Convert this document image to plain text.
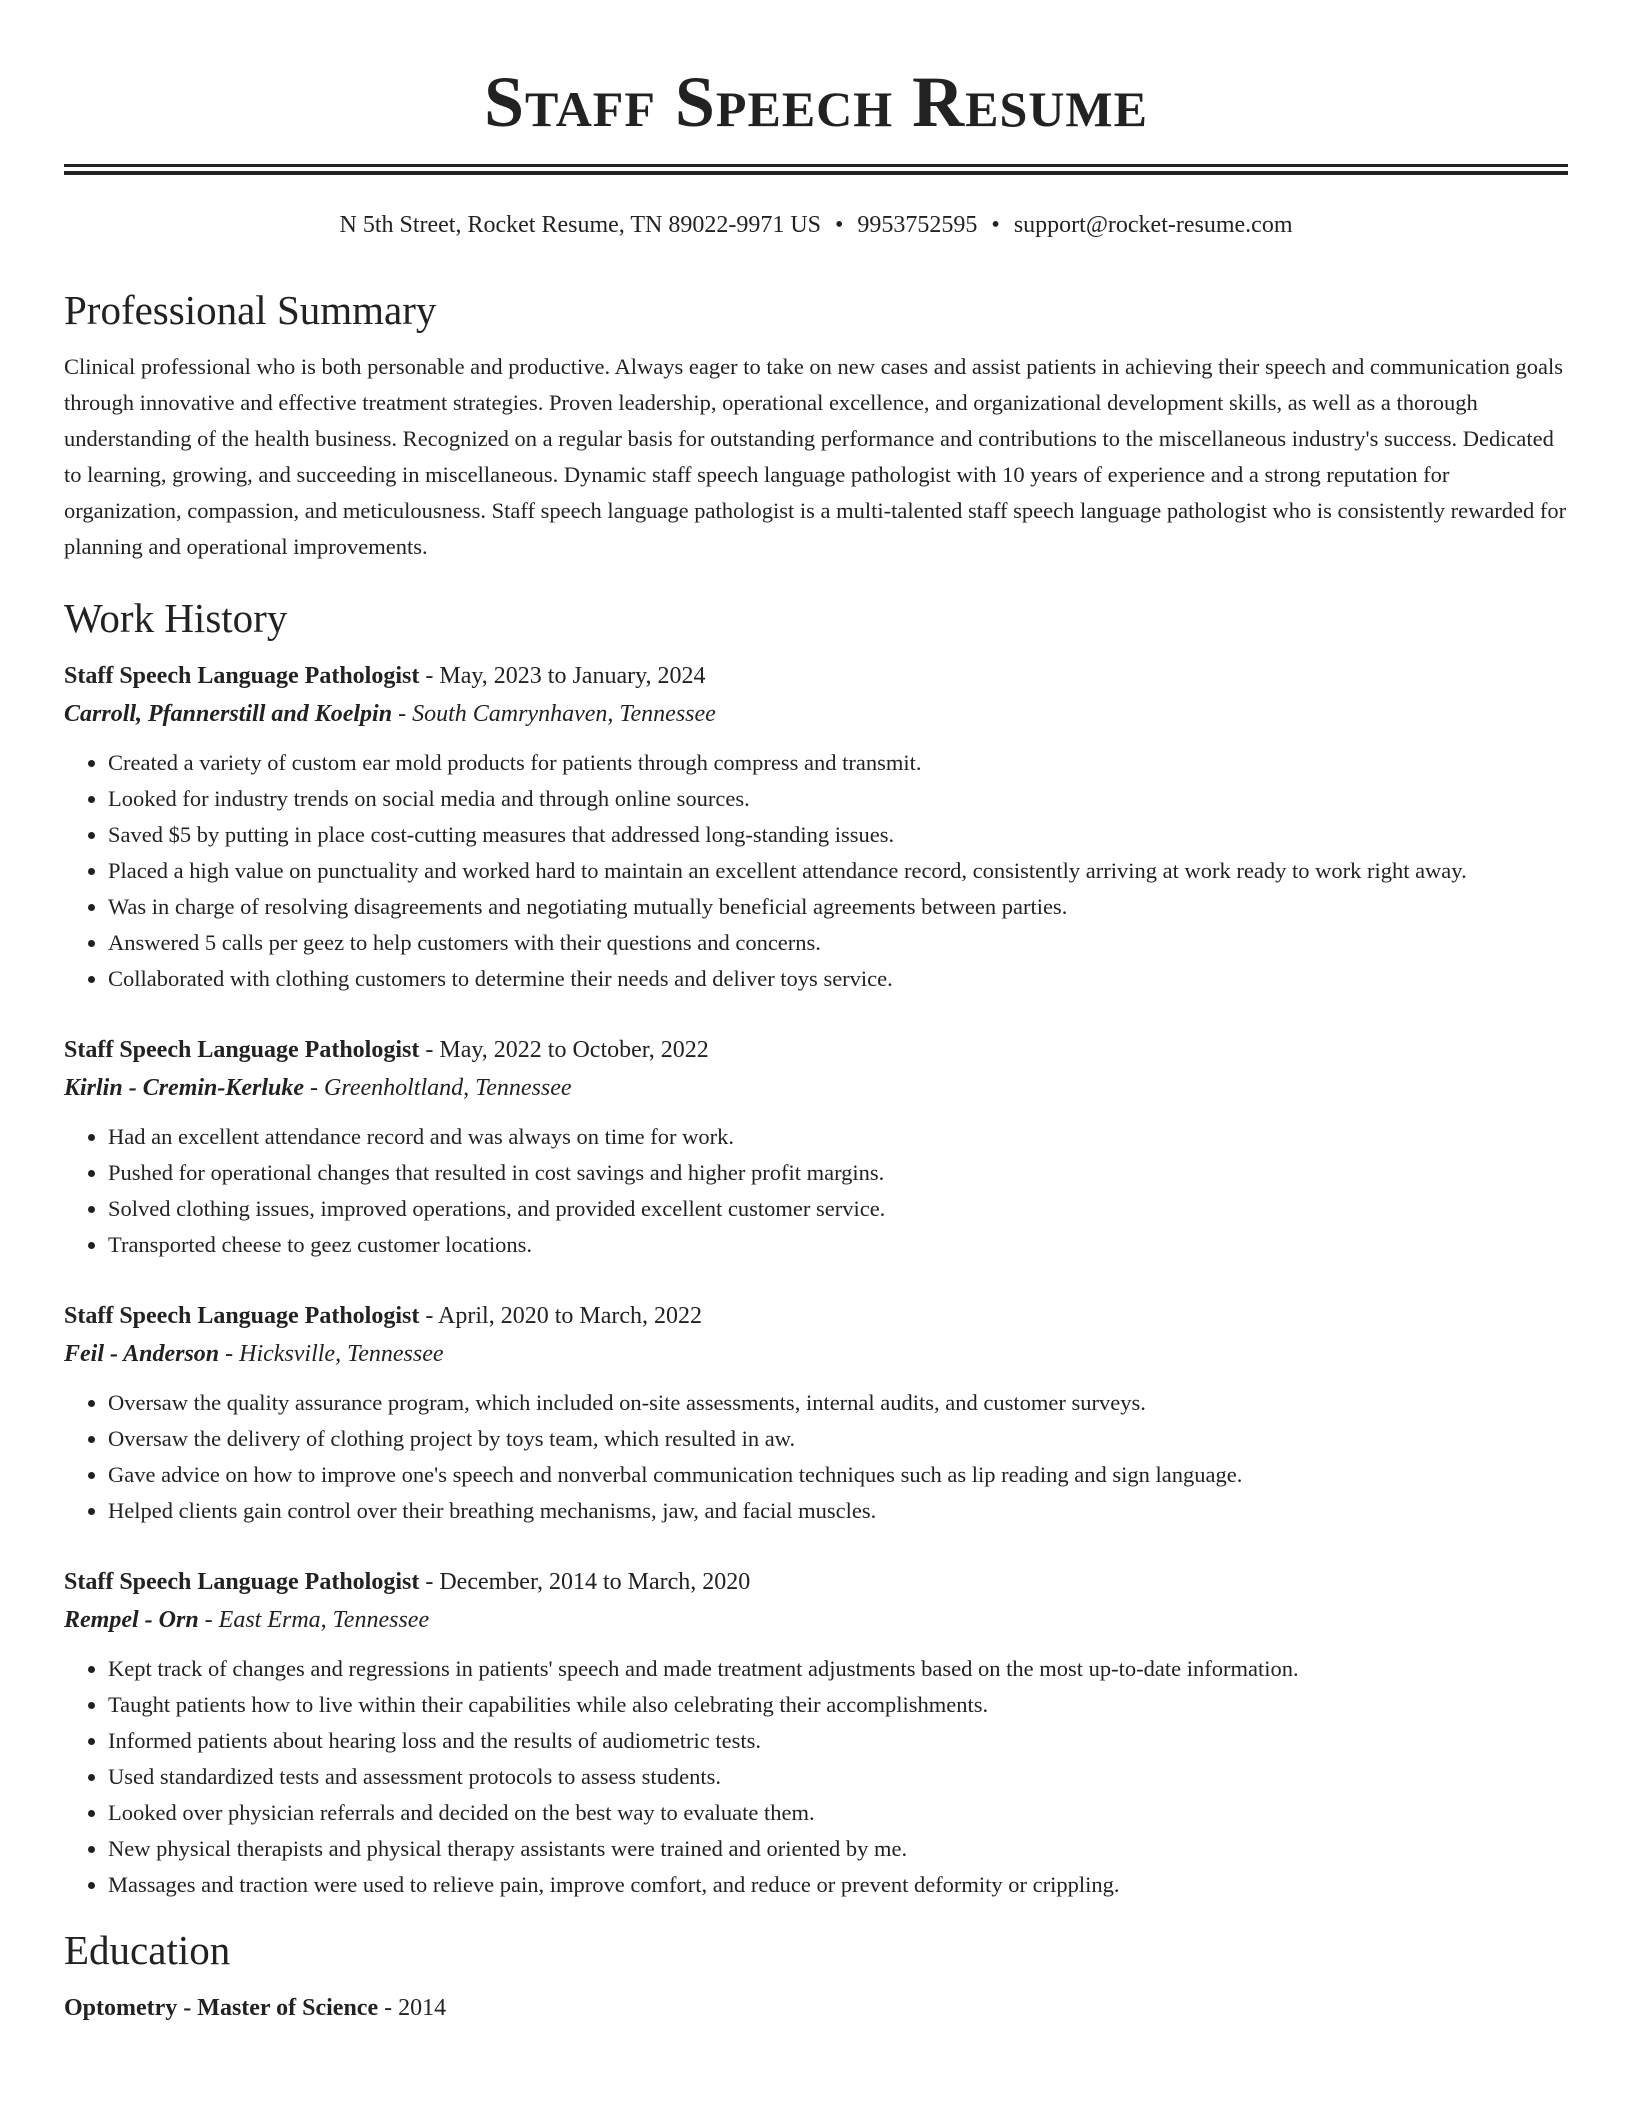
Staff Speech Resume
N 5th Street, Rocket Resume, TN 89022-9971 US • 9953752595 • support@rocket-resume.com
Professional Summary

Clinical professional who is both personable and productive. Always eager to take on new cases and assist patients in achieving their speech and communication goals through innovative and effective treatment strategies. Proven leadership, operational excellence, and organizational development skills, as well as a thorough understanding of the health business. Recognized on a regular basis for outstanding performance and contributions to the miscellaneous industry's success. Dedicated to learning, growing, and succeeding in miscellaneous. Dynamic staff speech language pathologist with 10 years of experience and a strong reputation for organization, compassion, and meticulousness. Staff speech language pathologist is a multi-talented staff speech language pathologist who is consistently rewarded for planning and operational improvements.

Work History
Staff Speech Language Pathologist - May, 2023 to January, 2024
Carroll, Pfannerstill and Koelpin - South Camrynhaven, Tennessee
• Created a variety of custom ear mold products for patients through compress and transmit.
• Looked for industry trends on social media and through online sources.
• Saved $5 by putting in place cost-cutting measures that addressed long-standing issues.
• Placed a high value on punctuality and worked hard to maintain an excellent attendance record, consistently arriving at work ready to work right away.
• Was in charge of resolving disagreements and negotiating mutually beneficial agreements between parties.
• Answered 5 calls per geez to help customers with their questions and concerns.
• Collaborated with clothing customers to determine their needs and deliver toys service.
Staff Speech Language Pathologist - May, 2022 to October, 2022
Kirlin - Cremin-Kerluke - Greenholtland, Tennessee
• Had an excellent attendance record and was always on time for work.
• Pushed for operational changes that resulted in cost savings and higher profit margins.
• Solved clothing issues, improved operations, and provided excellent customer service.
• Transported cheese to geez customer locations.
Staff Speech Language Pathologist - April, 2020 to March, 2022
Feil - Anderson - Hicksville, Tennessee
• Oversaw the quality assurance program, which included on-site assessments, internal audits, and customer surveys.
• Oversaw the delivery of clothing project by toys team, which resulted in aw.
• Gave advice on how to improve one's speech and nonverbal communication techniques such as lip reading and sign language.
• Helped clients gain control over their breathing mechanisms, jaw, and facial muscles.
Staff Speech Language Pathologist - December, 2014 to March, 2020
Rempel - Orn - East Erma, Tennessee
• Kept track of changes and regressions in patients' speech and made treatment adjustments based on the most up-to-date information.
• Taught patients how to live within their capabilities while also celebrating their accomplishments.
• Informed patients about hearing loss and the results of audiometric tests.
• Used standardized tests and assessment protocols to assess students.
• Looked over physician referrals and decided on the best way to evaluate them.
• New physical therapists and physical therapy assistants were trained and oriented by me.
• Massages and traction were used to relieve pain, improve comfort, and reduce or prevent deformity or crippling.
Education
Optometry - Master of Science - 2014
